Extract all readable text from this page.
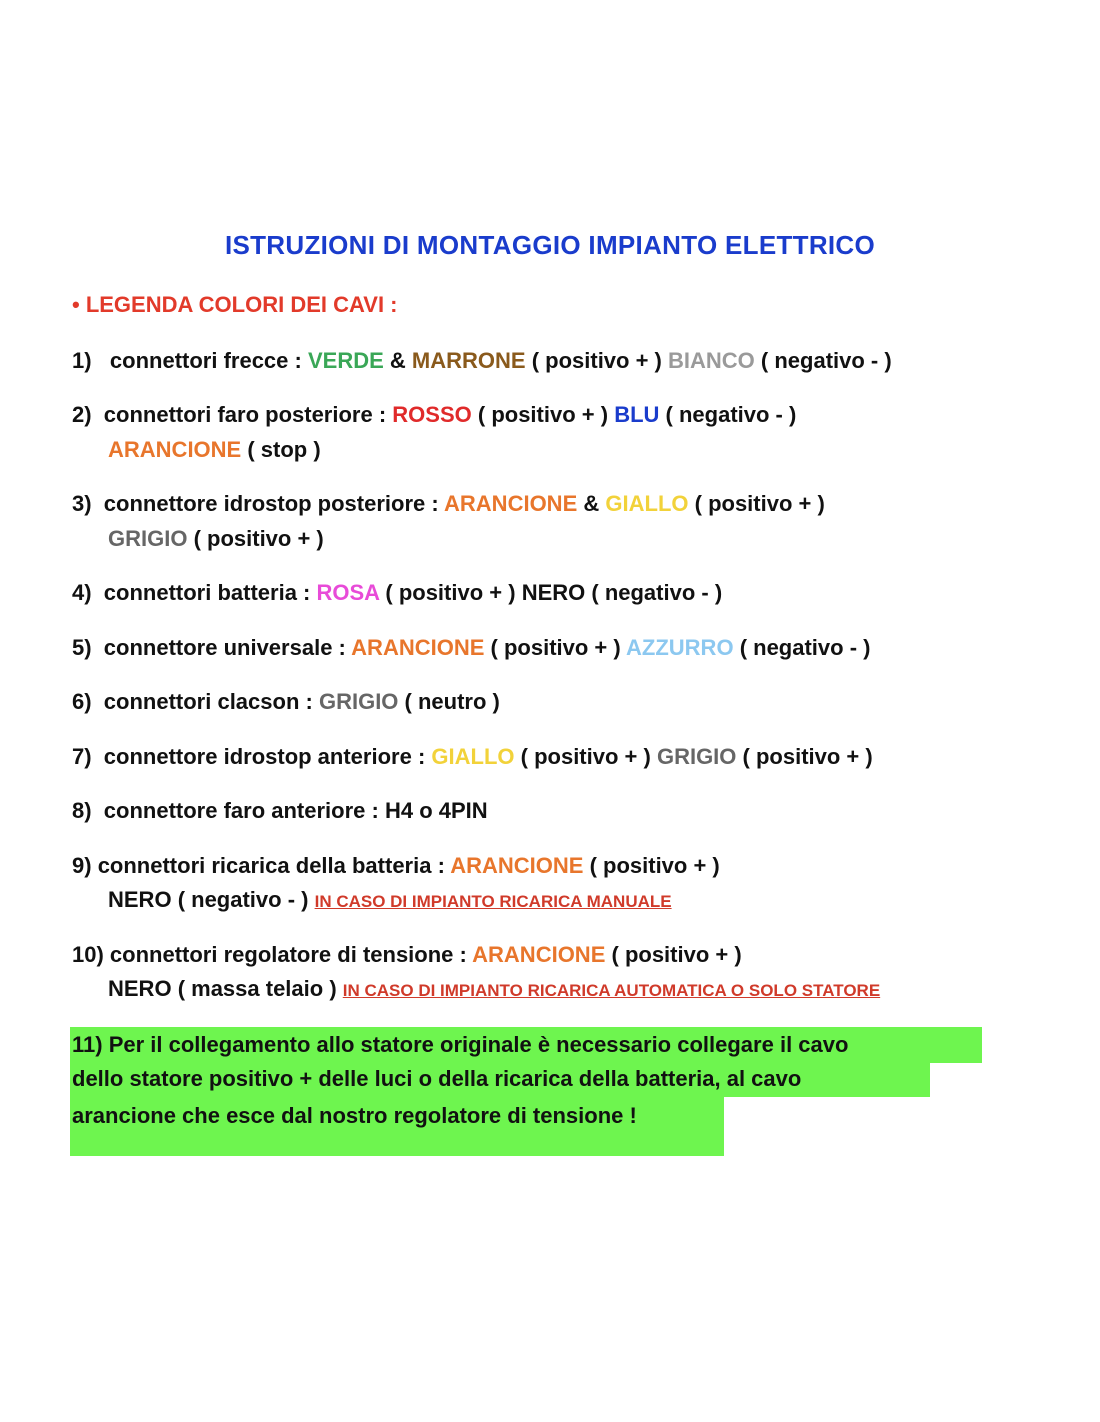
ISTRUZIONI DI MONTAGGIO IMPIANTO ELETTRICO
• LEGENDA COLORI DEI CAVI :
1) connettori frecce : VERDE & MARRONE ( positivo + ) BIANCO ( negativo - )
2) connettori faro posteriore : ROSSO ( positivo + ) BLU ( negativo - )
ARANCIONE ( stop )
3) connettore idrostop posteriore : ARANCIONE & GIALLO ( positivo + )
GRIGIO ( positivo + )
4) connettori batteria : ROSA ( positivo + ) NERO ( negativo - )
5) connettore universale : ARANCIONE ( positivo + ) AZZURRO ( negativo - )
6) connettori clacson : GRIGIO ( neutro )
7) connettore idrostop anteriore : GIALLO ( positivo + ) GRIGIO ( positivo + )
8) connettore faro anteriore : H4 o 4PIN
9) connettori ricarica della batteria : ARANCIONE ( positivo + )
NERO ( negativo - ) IN CASO DI IMPIANTO RICARICA MANUALE
10) connettori regolatore di tensione : ARANCIONE ( positivo + )
NERO ( massa telaio ) IN CASO DI IMPIANTO RICARICA AUTOMATICA O SOLO STATORE
11) Per il collegamento allo statore originale è necessario collegare il cavo
dello statore positivo + delle luci o della ricarica della batteria, al cavo
arancione che esce dal nostro regolatore di tensione !
